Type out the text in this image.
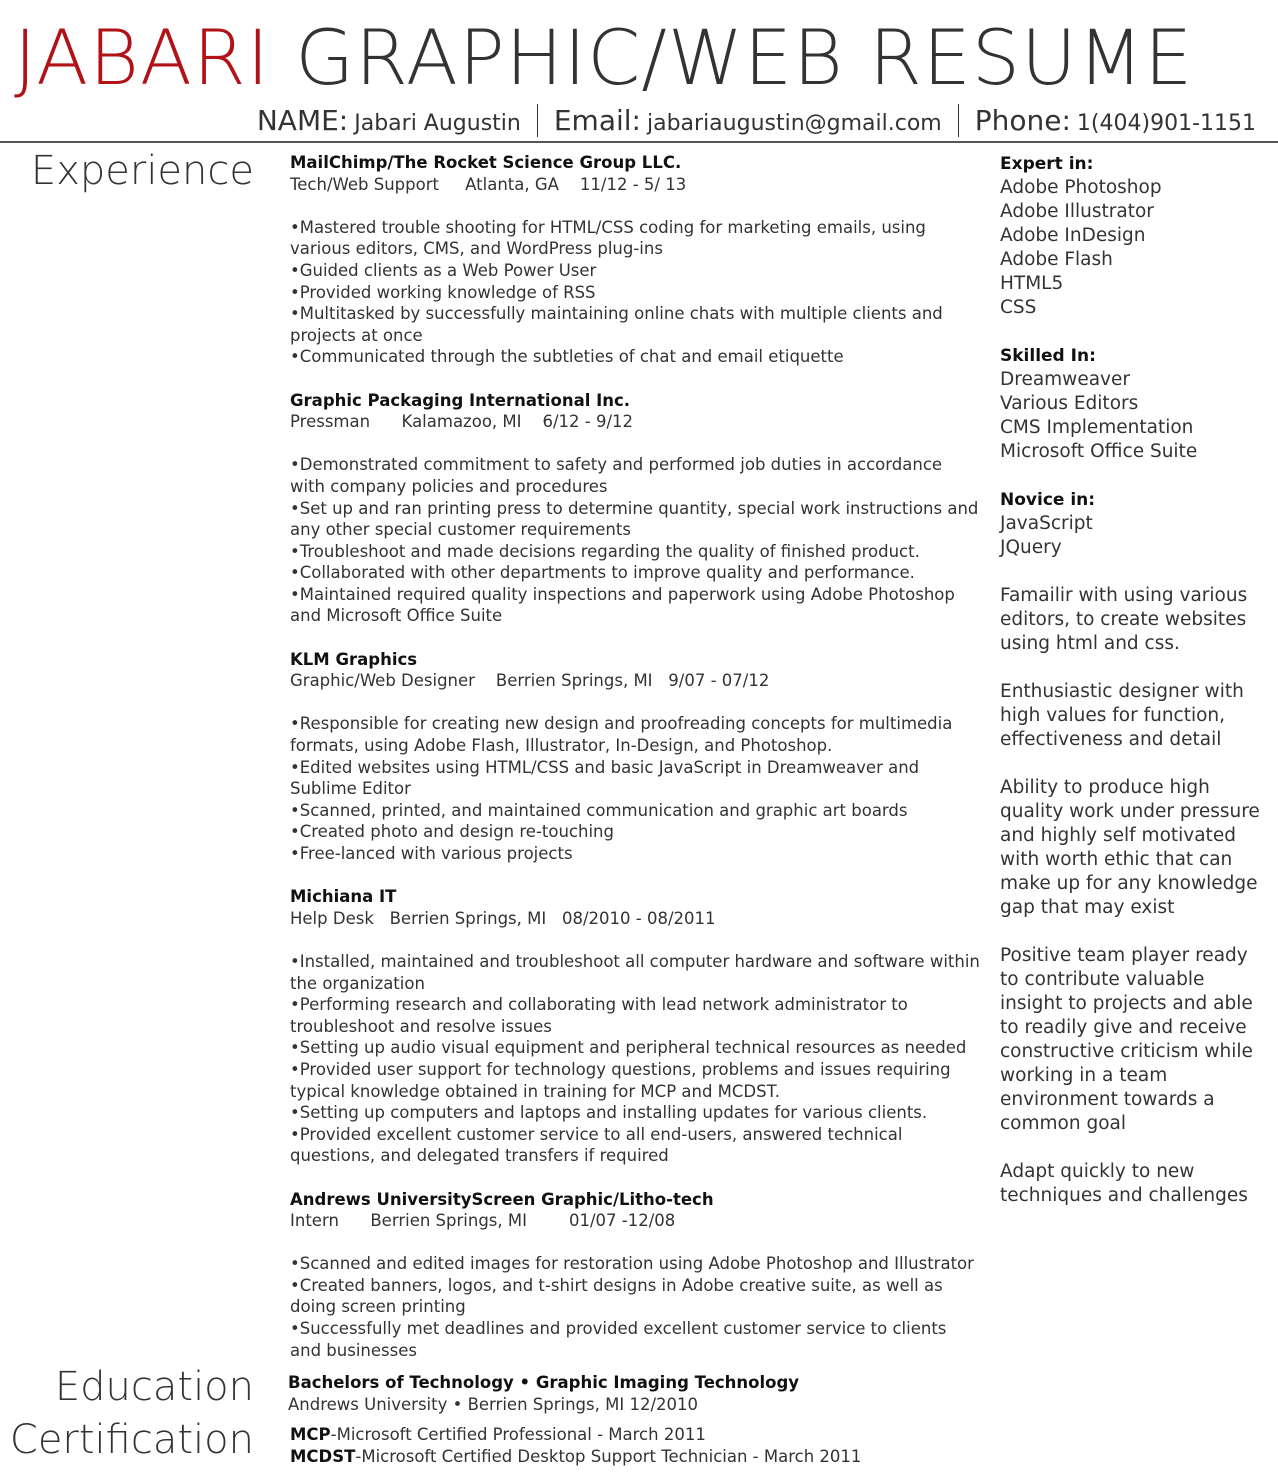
JABARI GRAPHIC/WEB RESUME
NAME: Jabari Augustin Email: jabariaugustin@gmail.com Phone: 1(404)901-1151
Experience
Education
Certification
MailChimp/The Rocket Science Group LLC.
Tech/Web Support     Atlanta, GA    11/12 - 5/ 13
•Mastered trouble shooting for HTML/CSS coding for marketing emails, using various editors, CMS, and WordPress plug-ins
•Guided clients as a Web Power User
•Provided working knowledge of RSS
•Multitasked by successfully maintaining online chats with multiple clients and projects at once
•Communicated through the subtleties of chat and email etiquette
Graphic Packaging International Inc.
Pressman      Kalamazoo, MI    6/12 - 9/12
•Demonstrated commitment to safety and performed job duties in accordance with company policies and procedures
•Set up and ran printing press to determine quantity, special work instructions and any other special customer requirements
•Troubleshoot and made decisions regarding the quality of finished product.
•Collaborated with other departments to improve quality and performance.
•Maintained required quality inspections and paperwork using Adobe Photoshop and Microsoft Office Suite
KLM Graphics
Graphic/Web Designer    Berrien Springs, MI   9/07 - 07/12
•Responsible for creating new design and proofreading concepts for multimedia formats, using Adobe Flash, Illustrator, In-Design, and Photoshop.
•Edited websites using HTML/CSS and basic JavaScript in Dreamweaver and Sublime Editor
•Scanned, printed, and maintained communication and graphic art boards
•Created photo and design re-touching
•Free-lanced with various projects
Michiana IT
Help Desk   Berrien Springs, MI   08/2010 - 08/2011
•Installed, maintained and troubleshoot all computer hardware and software within the organization
•Performing research and collaborating with lead network administrator to troubleshoot and resolve issues
•Setting up audio visual equipment and peripheral technical resources as needed
•Provided user support for technology questions, problems and issues requiring typical knowledge obtained in training for MCP and MCDST.
•Setting up computers and laptops and installing updates for various clients.
•Provided excellent customer service to all end-users, answered technical questions, and delegated transfers if required
Andrews UniversityScreen Graphic/Litho-tech
Intern      Berrien Springs, MI        01/07 -12/08
•Scanned and edited images for restoration using Adobe Photoshop and Illustrator
•Created banners, logos, and t-shirt designs in Adobe creative suite, as well as doing screen printing
•Successfully met deadlines and provided excellent customer service to clients and businesses
Expert in:
Adobe Photoshop
Adobe Illustrator
Adobe InDesign
Adobe Flash
HTML5
CSS
Skilled In:
Dreamweaver
Various Editors
CMS Implementation
Microsoft Office Suite
Novice in:
JavaScript
JQuery
Famailir with using various editors, to create websites using html and css.
Enthusiastic designer with high values for function, effectiveness and detail
Ability to produce high quality work under pressure and highly self motivated with worth ethic that can make up for any knowledge gap that may exist
Positive team player ready to contribute valuable insight to projects and able to readily give and receive constructive criticism while working in a team environment towards a common goal
Adapt quickly to new techniques and challenges
Bachelors of Technology • Graphic Imaging Technology
Andrews University • Berrien Springs, MI 12/2010
MCP-Microsoft Certified Professional - March 2011
MCDST-Microsoft Certified Desktop Support Technician - March 2011
